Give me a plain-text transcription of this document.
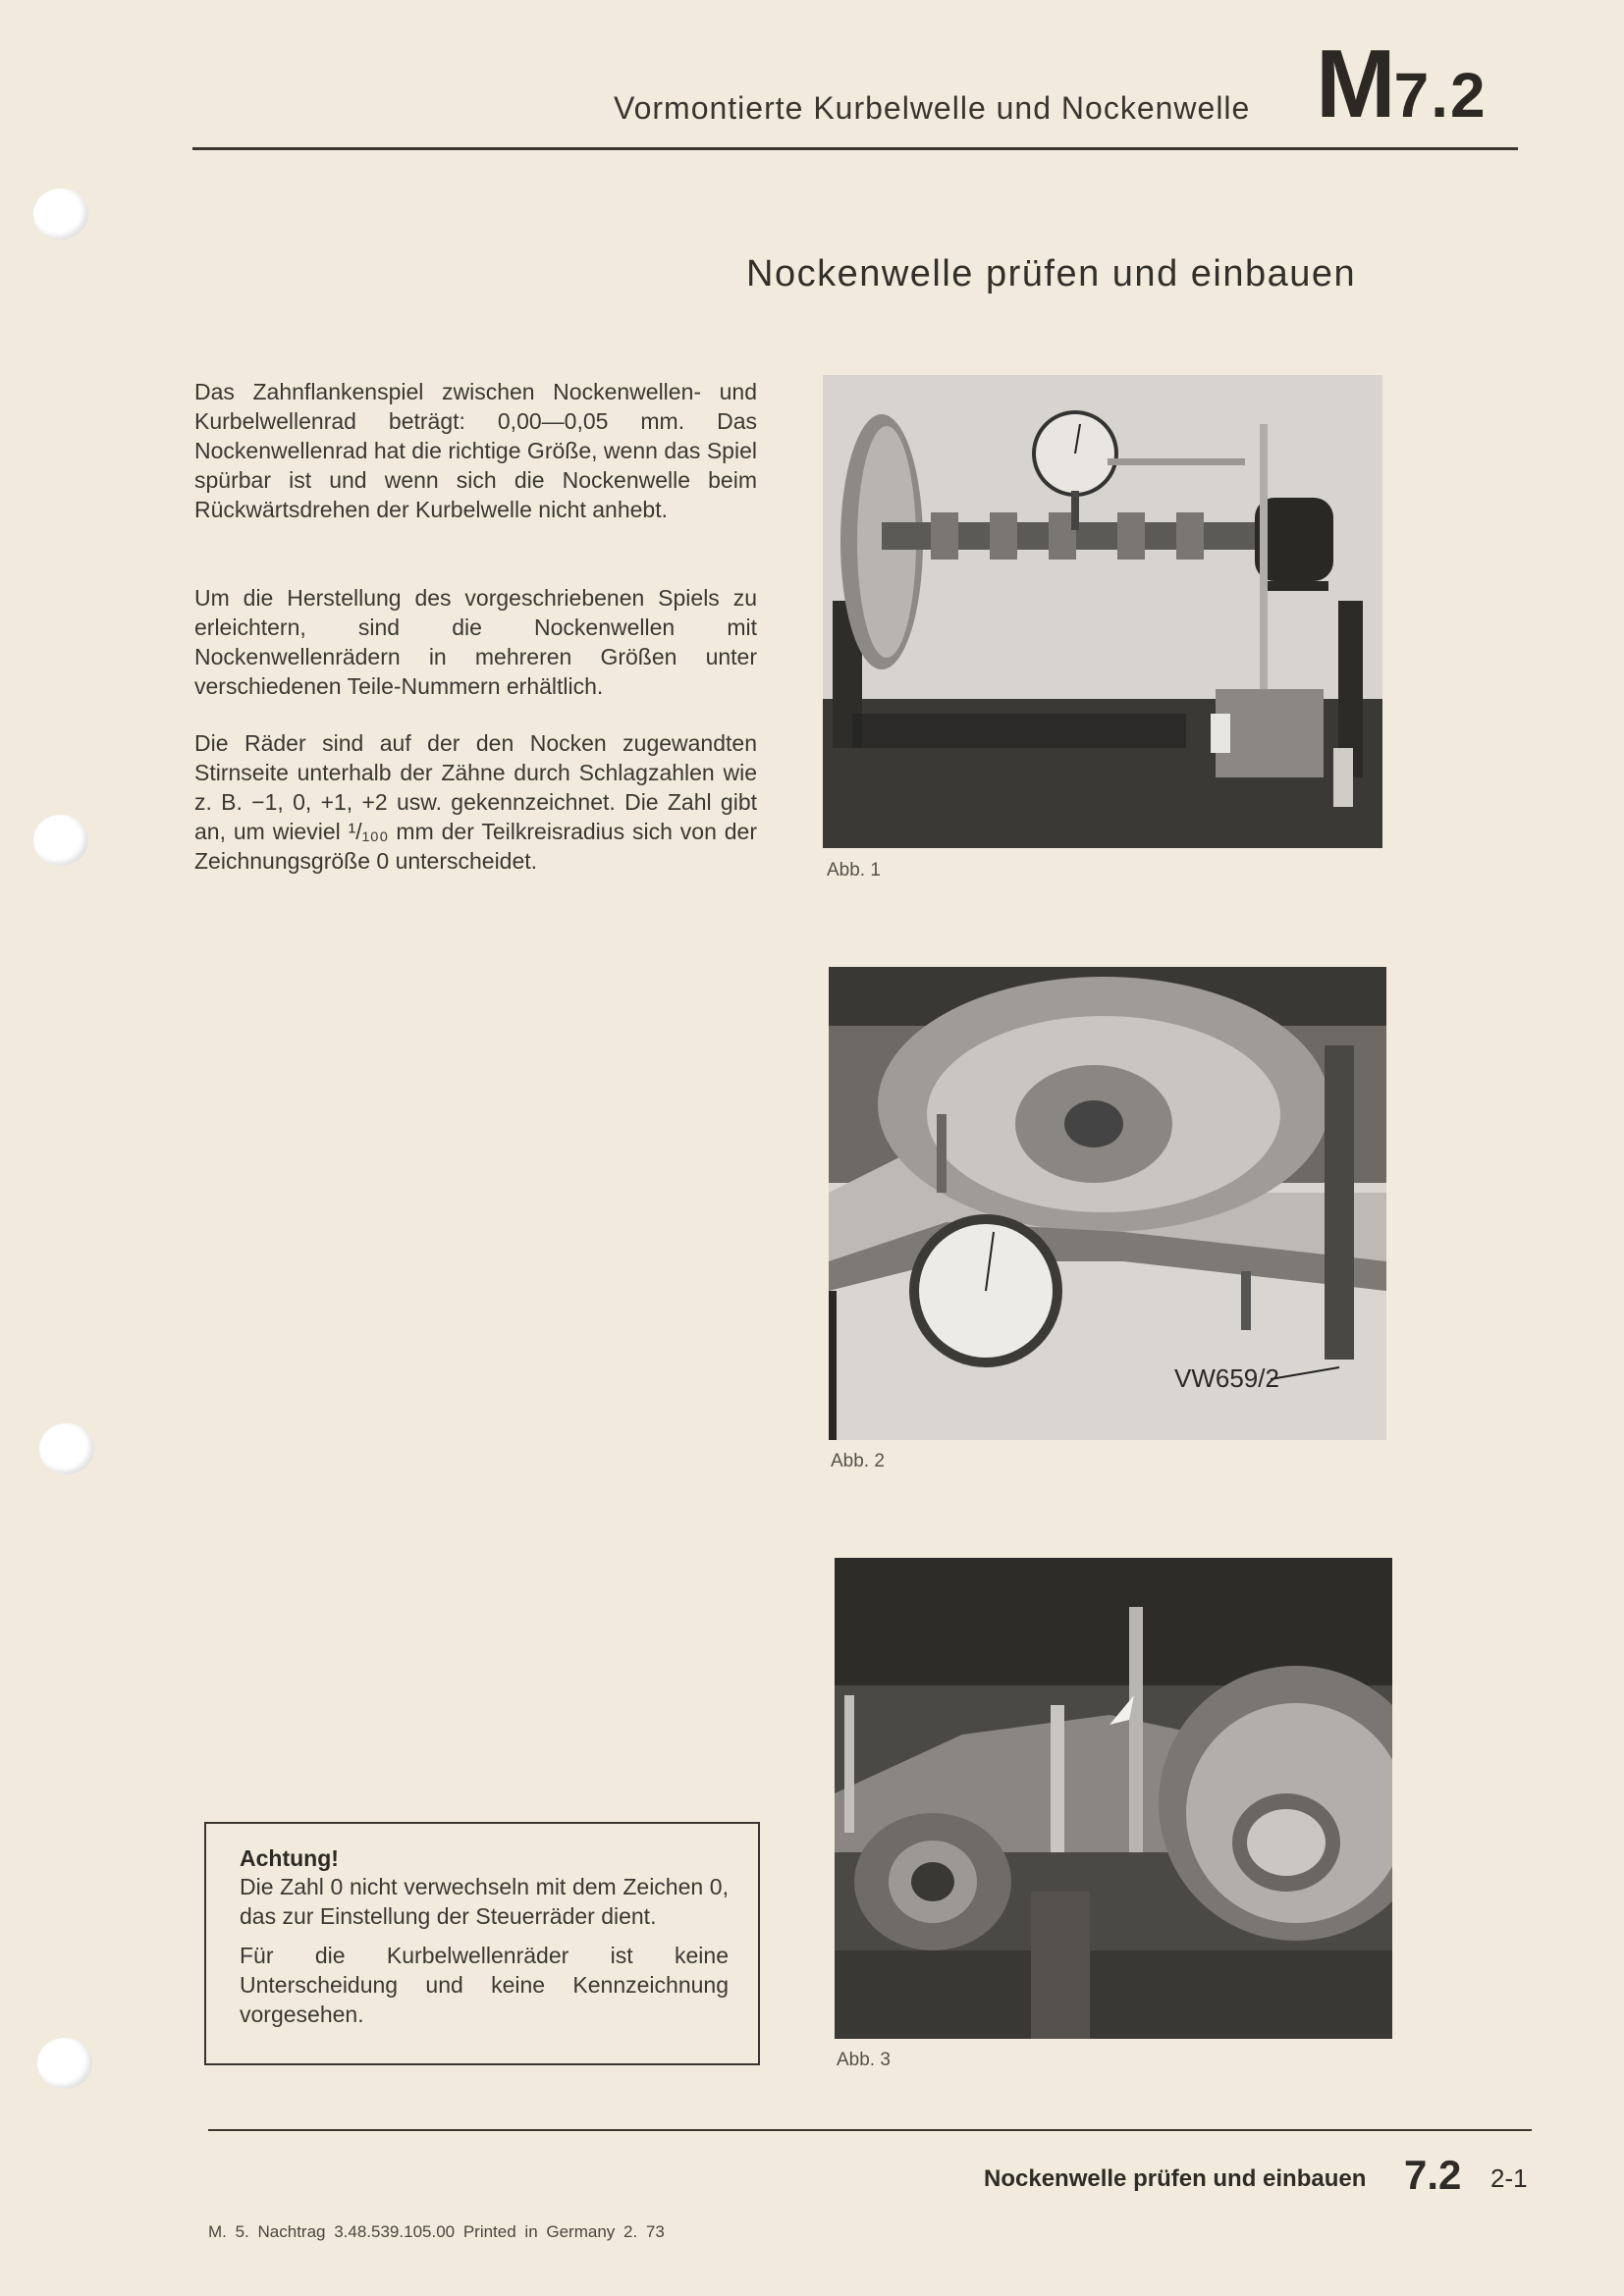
Vormontierte Kurbelwelle und Nockenwelle M7.2
Nockenwelle prüfen und einbauen
Das Zahnflankenspiel zwischen Nockenwellen- und Kurbelwellenrad beträgt: 0,00—0,05 mm. Das Nockenwellenrad hat die richtige Größe, wenn das Spiel spürbar ist und wenn sich die Nockenwelle beim Rückwärtsdrehen der Kurbelwelle nicht anhebt.
Um die Herstellung des vorgeschriebenen Spiels zu erleichtern, sind die Nockenwellen mit Nockenwellenrädern in mehreren Größen unter verschiedenen Teile-Nummern erhältlich.
Die Räder sind auf der den Nocken zugewandten Stirnseite unterhalb der Zähne durch Schlagzahlen wie z. B. −1, 0, +1, +2 usw. gekennzeichnet. Die Zahl gibt an, um wieviel ¹/₁₀₀ mm der Teilkreisradius sich von der Zeichnungsgröße 0 unterscheidet.	Abb. 1
VW659/2
Abb. 2
Abb. 3
Achtung!
Die Zahl 0 nicht verwechseln mit dem Zeichen 0, das zur Einstellung der Steuerräder dient.
Für die Kurbelwellenräder ist keine Unterscheidung und keine Kennzeichnung vorgesehen.
Nockenwelle prüfen und einbauen 7.2 2-1
M. 5. Nachtrag 3.48.539.105.00 Printed in Germany 2. 73
